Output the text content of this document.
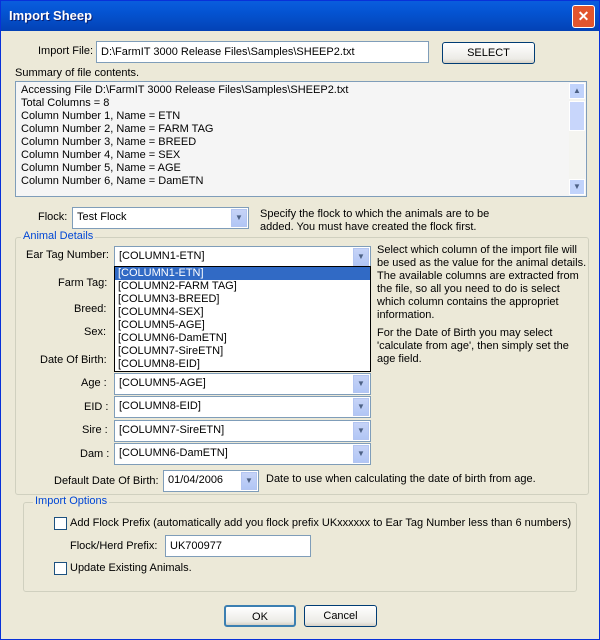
Import Sheep	✕
Import File: D:\FarmIT 3000 Release Files\Samples\SHEEP2.txt	SELECT
Summary of file contents.
Accessing File D:\FarmIT 3000 Release Files\Samples\SHEEP2.txt
Total Columns = 8
Column Number 1, Name = ETN
Column Number 2, Name = FARM TAG
Column Number 3, Name = BREED
Column Number 4, Name = SEX
Column Number 5, Name = AGE
Column Number 6, Name = DamETN
▲
▼
Flock: Test Flock	▼	Specify the flock to which the animals are to be added. You must have created the flock first.
Animal Details
Ear Tag Number: [COLUMN1-ETN]	▼
Farm Tag:
Breed:
Sex:
Date Of Birth:
[COLUMN1-ETN]
[COLUMN2-FARM TAG]
[COLUMN3-BREED]
[COLUMN4-SEX]
[COLUMN5-AGE]
[COLUMN6-DamETN]
[COLUMN7-SireETN]
[COLUMN8-EID]
Age : [COLUMN5-AGE]	▼
EID : [COLUMN8-EID]	▼
Sire : [COLUMN7-SireETN]	▼
Dam : [COLUMN6-DamETN]	▼

Select which column of the import file will be used as the value for the animal details. The available columns are extracted from the file, so all you need to do is select which column contains the appropriet information.

For the Date of Birth you may select 'calculate from age', then simply set the age field.

Default Date Of Birth: 01/04/2006	▼	Date to use when calculating the date of birth from age.
Import Options
Add Flock Prefix (automatically add you flock prefix UKxxxxxx to Ear Tag Number less than 6 numbers)
Flock/Herd Prefix:	UK700977
Update Existing Animals.
OK	Cancel
